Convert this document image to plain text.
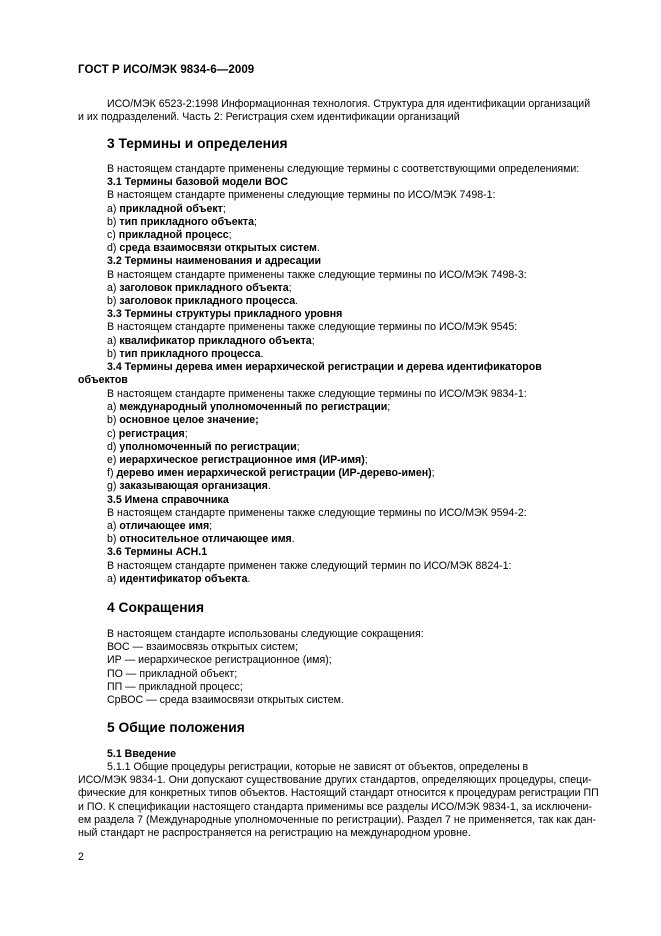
ГОСТ Р ИСО/МЭК 9834-6—2009
ИСО/МЭК 6523-2:1998 Информационная технология. Структура для идентификации организаций
и их подразделений. Часть 2: Регистрация схем идентификации организаций
3 Термины и определения
В настоящем стандарте применены следующие термины с соответствующими определениями:
3.1 Термины базовой модели ВОС
В настоящем стандарте применены следующие термины по ИСО/МЭК 7498-1:
a) прикладной объект;
b) тип прикладного объекта;
c) прикладной процесс;
d) среда взаимосвязи открытых систем.
3.2 Термины наименования и адресации
В настоящем стандарте применены также следующие термины по ИСО/МЭК 7498-3:
a) заголовок прикладного объекта;
b) заголовок прикладного процесса.
3.3 Термины структуры прикладного уровня
В настоящем стандарте применены также следующие термины по ИСО/МЭК 9545:
a) квалификатор прикладного объекта;
b) тип прикладного процесса.
3.4 Термины дерева имен иерархической регистрации и дерева идентификаторов
объектов
В настоящем стандарте применены также следующие термины по ИСО/МЭК 9834-1:
a) международный уполномоченный по регистрации;
b) основное целое значение;
c) регистрация;
d) уполномоченный по регистрации;
e) иерархическое регистрационное имя (ИР-имя);
f) дерево имен иерархической регистрации (ИР-дерево-имен);
g) заказывающая организация.
3.5 Имена справочника
В настоящем стандарте применены также следующие термины по ИСО/МЭК 9594-2:
a) отличающее имя;
b) относительное отличающее имя.
3.6 Термины АСН.1
В настоящем стандарте применен также следующий термин по ИСО/МЭК 8824-1:
a) идентификатор объекта.
4 Сокращения
В настоящем стандарте использованы следующие сокращения:
ВОС — взаимосвязь открытых систем;
ИР — иерархическое регистрационное (имя);
ПО — прикладной объект;
ПП — прикладной процесс;
СрВОС — среда взаимосвязи открытых систем.
5 Общие положения
5.1 Введение
5.1.1 Общие процедуры регистрации, которые не зависят от объектов, определены в
ИСО/МЭК 9834-1. Они допускают существование других стандартов, определяющих процедуры, специ-
фические для конкретных типов объектов. Настоящий стандарт относится к процедурам регистрации ПП
и ПО. К спецификации настоящего стандарта применимы все разделы ИСО/МЭК 9834-1, за исключени-
ем раздела 7 (Международные уполномоченные по регистрации). Раздел 7 не применяется, так как дан-
ный стандарт не распространяется на регистрацию на международном уровне.
2
